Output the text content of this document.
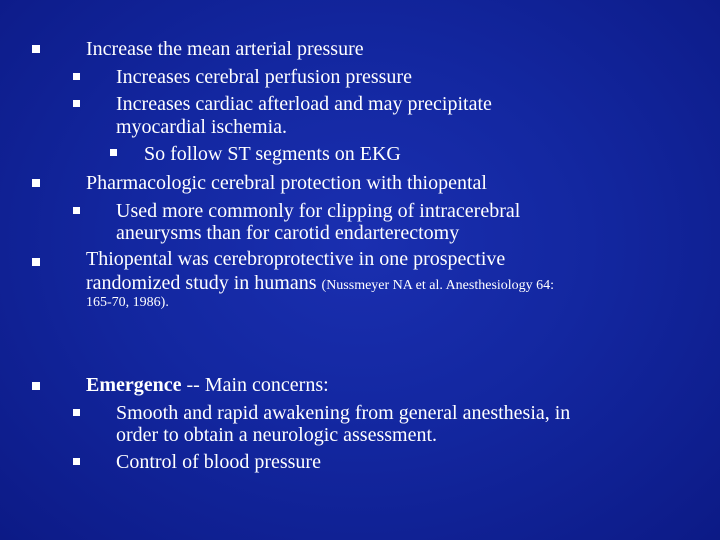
Increase the mean arterial pressure
Increases cerebral perfusion pressure
Increases cardiac afterload and may precipitate
myocardial ischemia.
So follow ST segments on EKG
Pharmacologic cerebral protection with thiopental
Used more commonly for clipping of intracerebral
aneurysms than for carotid endarterectomy
Thiopental was cerebroprotective in one prospective
randomized study in humans (Nussmeyer NA et al. Anesthesiology 64:
165-70, 1986).
Emergence -- Main concerns:
Smooth and rapid awakening from general anesthesia, in
order to obtain a neurologic assessment.
Control of blood pressure
